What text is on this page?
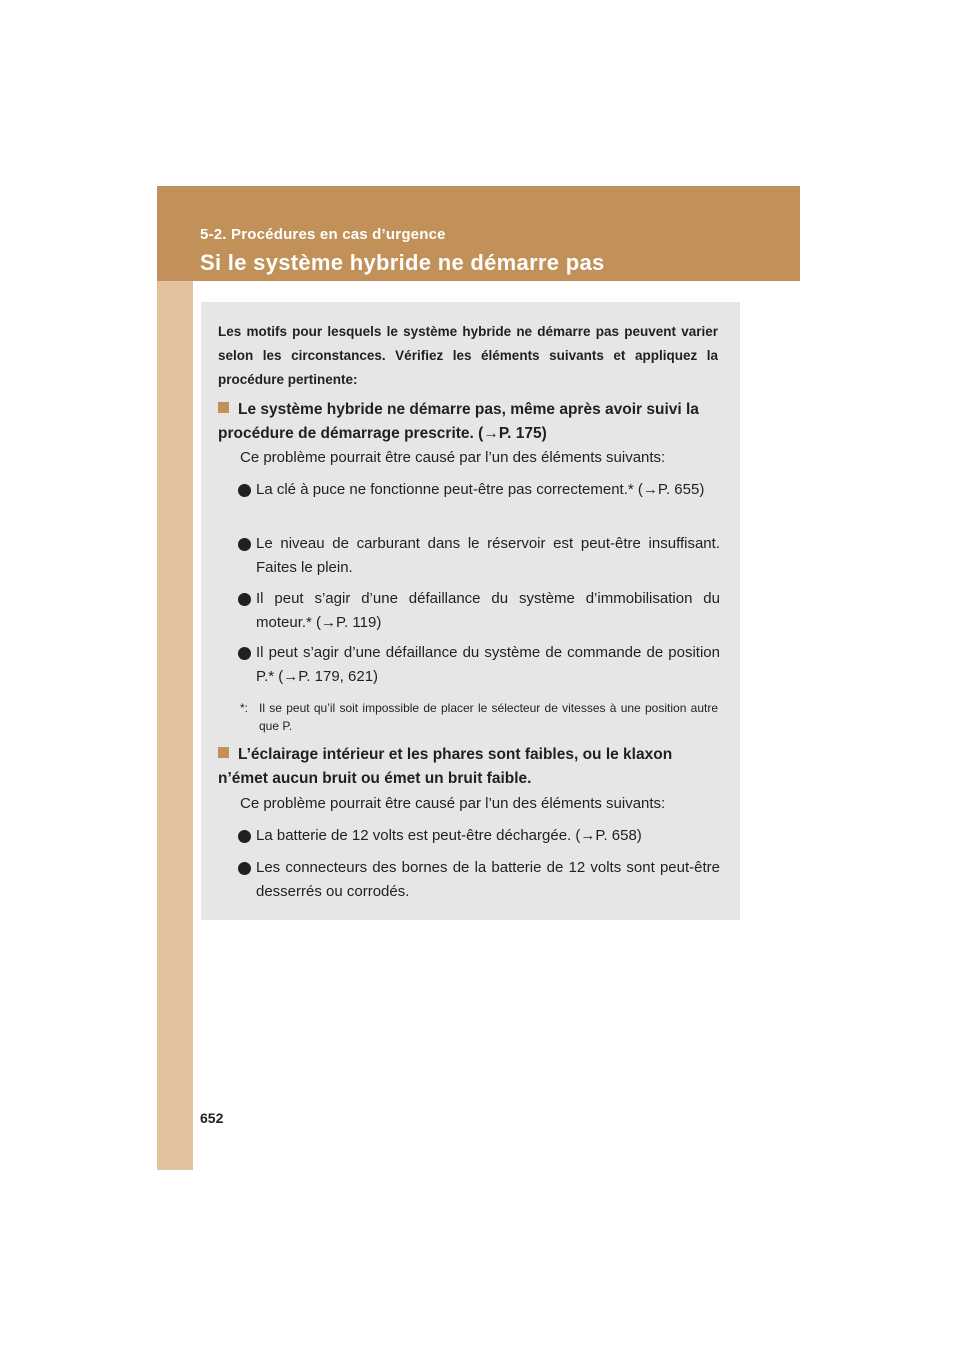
5-2. Procédures en cas d’urgence
Si le système hybride ne démarre pas
Les motifs pour lesquels le système hybride ne démarre pas peuvent varier selon les circonstances. Vérifiez les éléments suivants et appliquez la procédure pertinente:
Le système hybride ne démarre pas, même après avoir suivi la procédure de démarrage prescrite. (→P. 175)
Ce problème pourrait être causé par l’un des éléments suivants:
La clé à puce ne fonctionne peut-être pas correctement.* (→P. 655)
Le niveau de carburant dans le réservoir est peut-être insuffisant. Faites le plein.
Il peut s’agir d’une défaillance du système d’immobilisation du moteur.* (→P. 119)
Il peut s’agir d’une défaillance du système de commande de position P.* (→P. 179, 621)
*: Il se peut qu’il soit impossible de placer le sélecteur de vitesses à une position autre que P.
L’éclairage intérieur et les phares sont faibles, ou le klaxon n’émet aucun bruit ou émet un bruit faible.
Ce problème pourrait être causé par l’un des éléments suivants:
La batterie de 12 volts est peut-être déchargée. (→P. 658)
Les connecteurs des bornes de la batterie de 12 volts sont peut-être desserrés ou corrodés.
652
